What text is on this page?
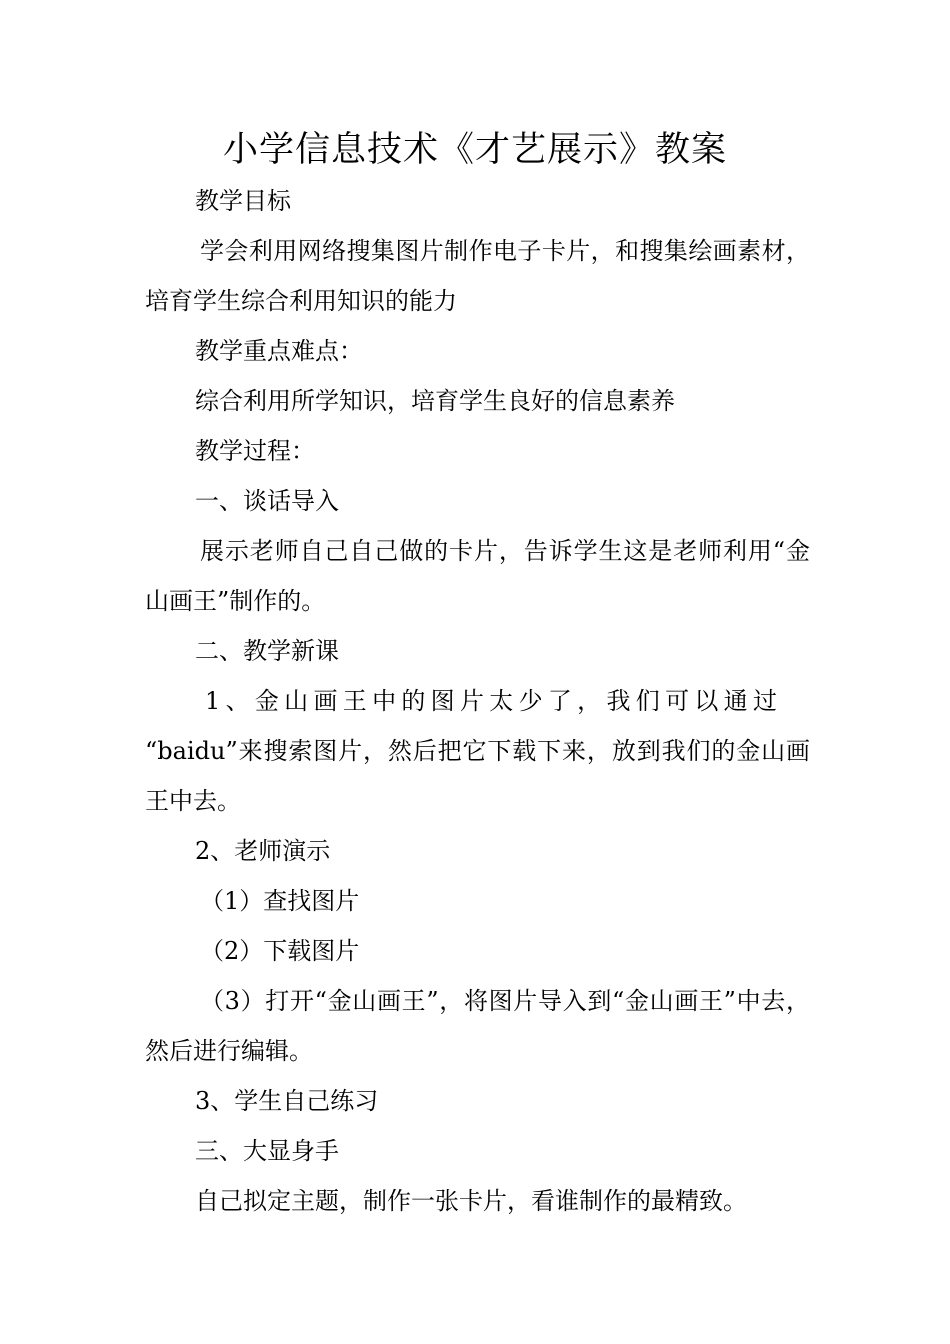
小学信息技术《才艺展示》教案

教学目标

学会利用网络搜集图片制作电子卡片，和搜集绘画素材，培育学生综合利用知识的能力

教学重点难点：

综合利用所学知识，培育学生良好的信息素养

教学过程：

一、谈话导入

展示老师自己自己做的卡片，告诉学生这是老师利用“金山画王”制作的。

二、教学新课

1、金山画王中的图片太少了，我们可以通过

“baidu”来搜索图片，然后把它下载下来，放到我们的金山画王中去。

2、老师演示

（1）查找图片

（2）下载图片

（3）打开“金山画王”，将图片导入到“金山画王”中去，然后进行编辑。

3、学生自己练习

三、大显身手

自己拟定主题，制作一张卡片，看谁制作的最精致。
